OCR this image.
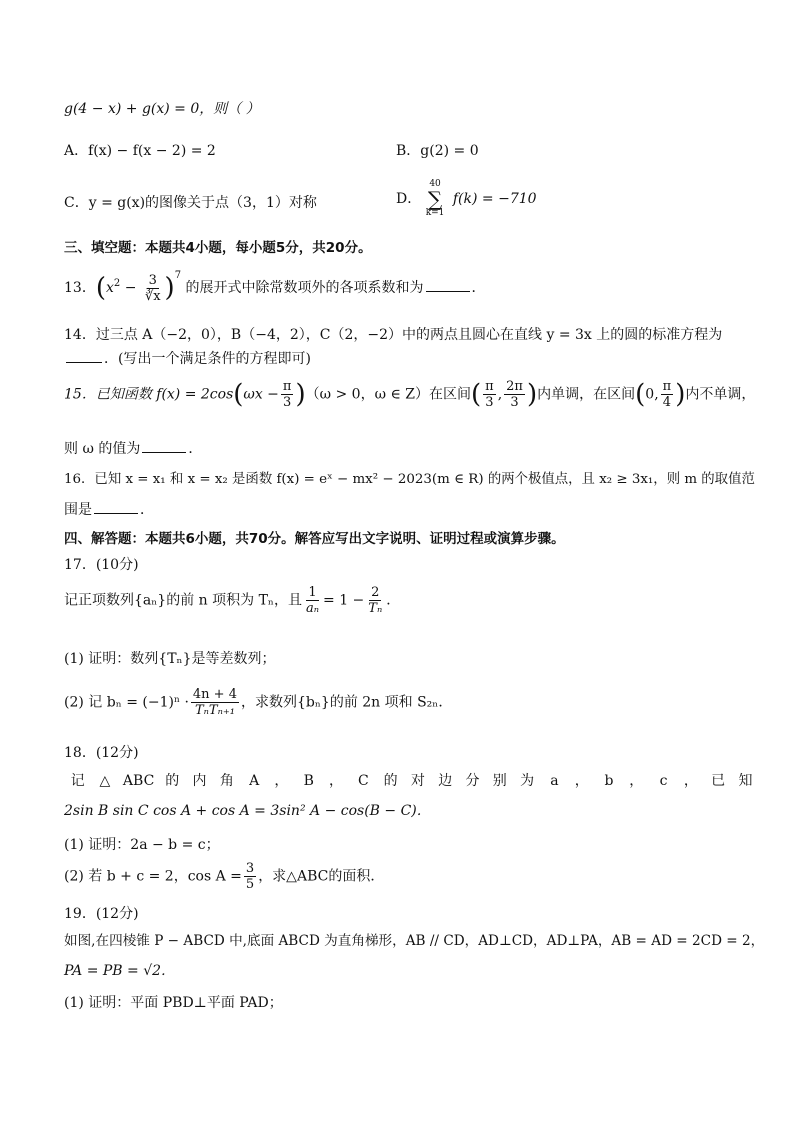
g(4 − x) + g(x) = 0，则（ ）
A．f(x) − f(x − 2) = 2	B．g(2) = 0
C．y = g(x)的图像关于点（3，1）对称	D．
40
∑
k=1
f(k) = −710
三、填空题：本题共4小题，每小题5分，共20分。
13．$(x^2 - \frac{3}{∛x} )^7$ 的展开式中除常数项外的各项系数和为	．
14．过三点 A（−2，0），B（−4，2），C（2，−2）中的两点且圆心在直线 y = 3x 上的圆的标准方程为
．(写出一个满足条件的方程即可)
15．已知函数 $f(x) = 2\cos(\omega x - \frac{\pi}{3} )(\omega > 0$，ω ∈ Z）在区间( $\frac{\pi}{3}$ , $\frac{2\pi}{3}$ )内单调，在区间(0, $\frac{\pi}{4}$ )内不单调，
则 ω 的值为	．
16．已知 x = x₁ 和 x = x₂ 是函数 f(x) = eˣ − mx² − 2023(m ∈ R) 的两个极值点，且 x₂ ≥ 3x₁，则 m 的取值范
围是	．
四、解答题：本题共6小题，共70分。解答应写出文字说明、证明过程或演算步骤。
17．(10分)
记正项数列{aₙ}的前 n 项积为 Tₙ，且 $\frac{1}{\text{aₙ}} = 1 - \frac{2}{\text{Tₙ}}$ ．
(1) 证明：数列{Tₙ}是等差数列；
(2) 记 $b_n = (-1)^n \cdot \frac{4n + 4}{\text{TₙTₙ₊₁}}$ ，求数列{bₙ}的前 2n 项和 S₂ₙ．
18．(12分)
记 △ ABC 的 内 角 A ， B ， C 的 对 边 分 别 为 a ， b ， c ， 已 知
2sin B sin C cos A + cos A = 3sin² A − cos(B − C)．
(1) 证明：2a − b = c；
(2) 若 b + c = 2，$\cos A = \frac{3}{5}$ ，求△ABC的面积．
19．(12分)
如图,在四棱锥 P − ABCD 中,底面 ABCD 为直角梯形，AB // CD，AD⊥CD，AD⊥PA，AB = AD = 2CD = 2，
PA = PB = √2．
(1) 证明：平面 PBD⊥平面 PAD；
